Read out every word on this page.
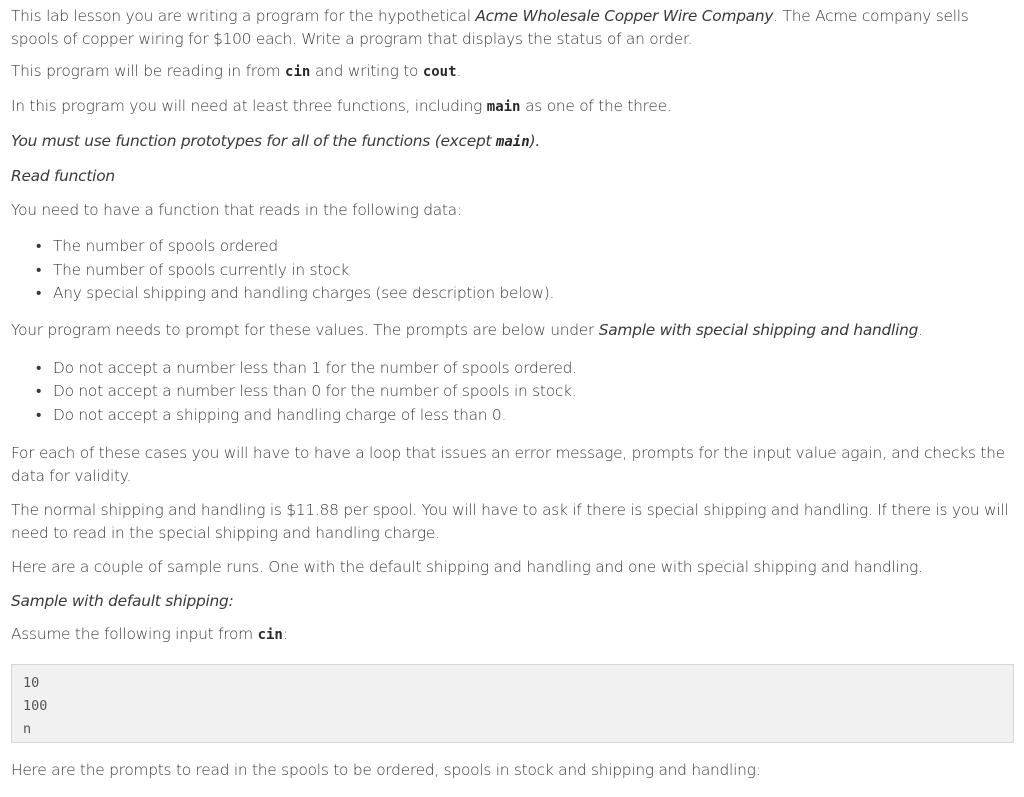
This lab lesson you are writing a program for the hypothetical Acme Wholesale Copper Wire Company. The Acme company sells spools of copper wiring for $100 each. Write a program that displays the status of an order.

This program will be reading in from cin and writing to cout.

In this program you will need at least three functions, including main as one of the three.

You must use function prototypes for all of the functions (except main).

Read function

You need to have a function that reads in the following data:

• The number of spools ordered
• The number of spools currently in stock
• Any special shipping and handling charges (see description below).

Your program needs to prompt for these values. The prompts are below under Sample with special shipping and handling.

• Do not accept a number less than 1 for the number of spools ordered.
• Do not accept a number less than 0 for the number of spools in stock.
• Do not accept a shipping and handling charge of less than 0.

For each of these cases you will have to have a loop that issues an error message, prompts for the input value again, and checks the data for validity.

The normal shipping and handling is $11.88 per spool. You will have to ask if there is special shipping and handling. If there is you will need to read in the special shipping and handling charge.

Here are a couple of sample runs. One with the default shipping and handling and one with special shipping and handling.

Sample with default shipping:

Assume the following input from cin:

10
100
n

Here are the prompts to read in the spools to be ordered, spools in stock and shipping and handling:
